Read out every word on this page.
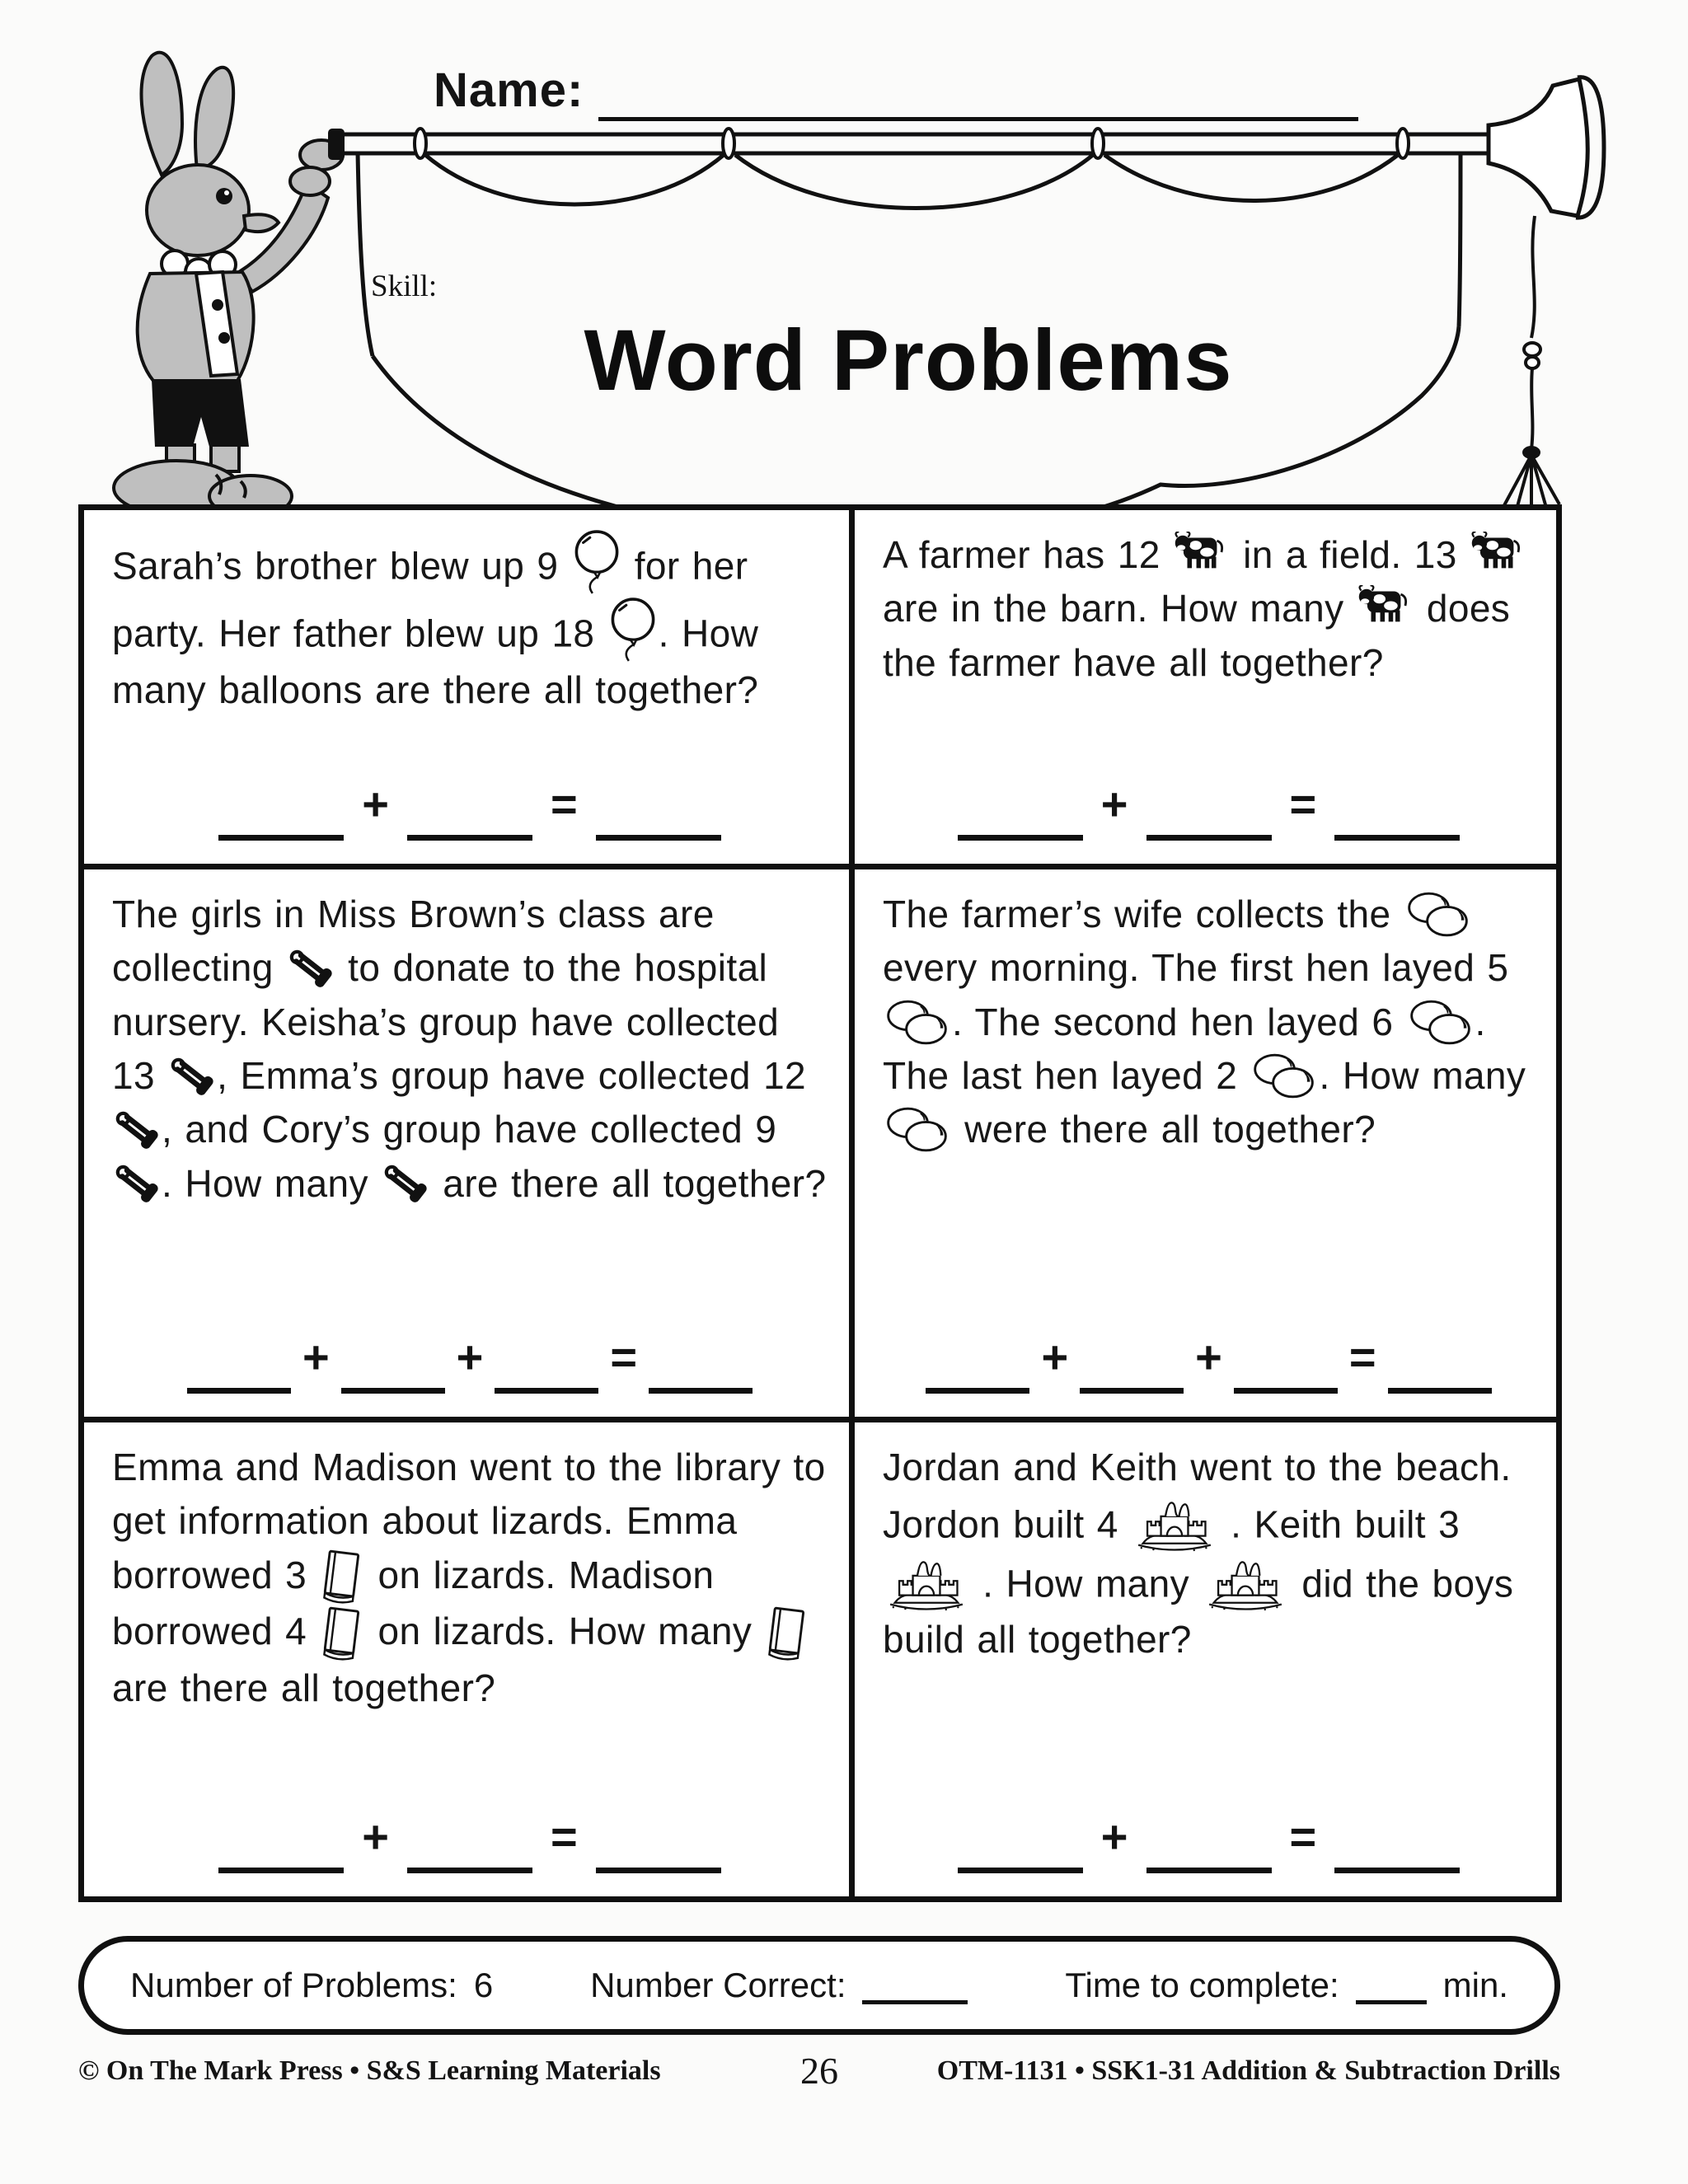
Name:
Skill:
Word Problems

Sarah’s brother blew up 9  for her party. Her father blew up 18 . How many balloons are there all together?

+	=

A farmer has 12  in a field. 13  are in the barn. How many  does the farmer have all together?

+	=

The girls in Miss Brown’s class are collecting  to donate to the hospital nursery. Keisha’s group have collected 13 , Emma’s group have collected 12 , and Cory’s group have collected 9 . How many  are there all together?

+	+	=

The farmer’s wife collects the  every morning. The first hen layed 5 . The second hen layed 6 . The last hen layed 2 . How many  were there all together?

+	+	=

Emma and Madison went to the library to get information about lizards. Emma borrowed 3  on lizards. Madison borrowed 4  on lizards. How many  are there all together?

+	=

Jordan and Keith went to the beach. Jordon built 4  . Keith built 3  . How many  did the boys build all together?

+	=
Number of Problems: 6	Number Correct:	Time to complete:	min.
© On The Mark Press • S&S Learning Materials	26	OTM-1131 • SSK1-31 Addition & Subtraction Drills
